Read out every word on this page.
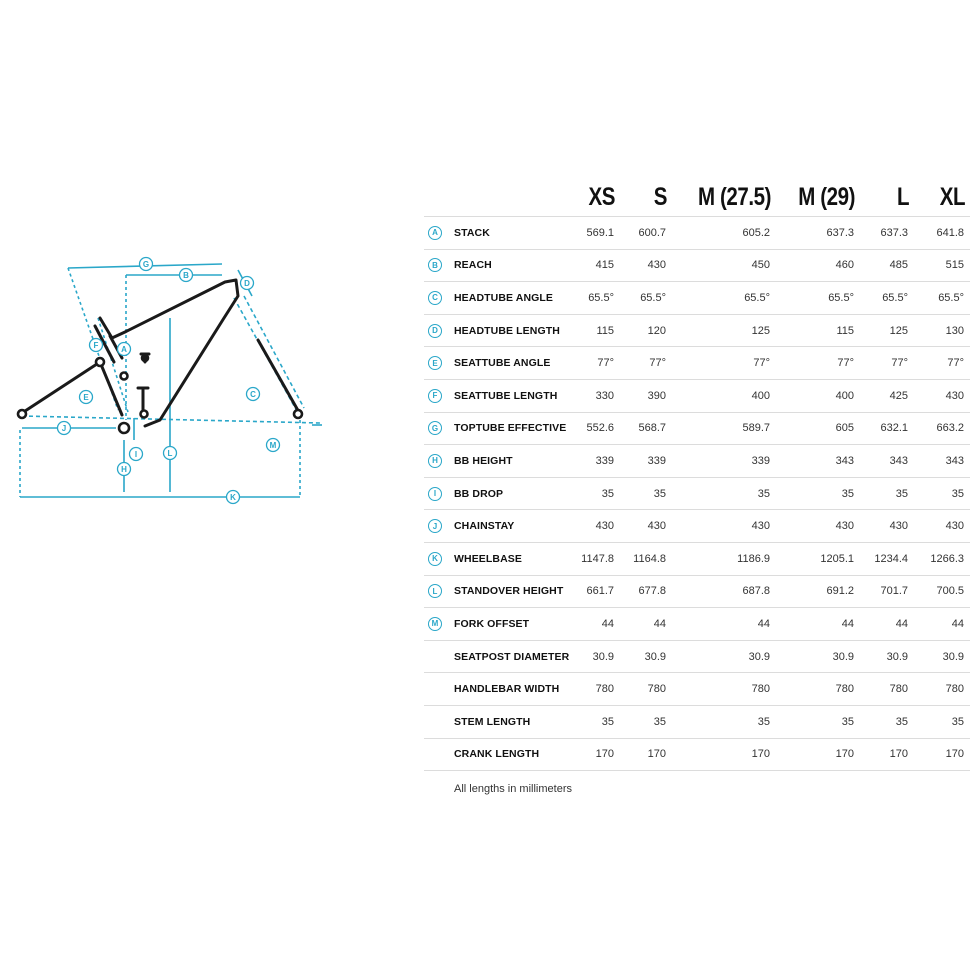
G
B
D
F	A
E	C
J
M
I	L
H
K
		XS	S	M (27.5)	M (29)	L	XL
A	STACK	569.1	600.7	605.2	637.3	637.3	641.8
B	REACH	415	430	450	460	485	515
C	HEADTUBE ANGLE	65.5°	65.5°	65.5°	65.5°	65.5°	65.5°
D	HEADTUBE LENGTH	115	120	125	115	125	130
E	SEATTUBE ANGLE	77°	77°	77°	77°	77°	77°
F	SEATTUBE LENGTH	330	390	400	400	425	430
G	TOPTUBE EFFECTIVE	552.6	568.7	589.7	605	632.1	663.2
H	BB HEIGHT	339	339	339	343	343	343
I	BB DROP	35	35	35	35	35	35
J	CHAINSTAY	430	430	430	430	430	430
K	WHEELBASE	1147.8	1164.8	1186.9	1205.1	1234.4	1266.3
L	STANDOVER HEIGHT	661.7	677.8	687.8	691.2	701.7	700.5
M	FORK OFFSET	44	44	44	44	44	44
	SEATPOST DIAMETER	30.9	30.9	30.9	30.9	30.9	30.9
	HANDLEBAR WIDTH	780	780	780	780	780	780
	STEM LENGTH	35	35	35	35	35	35
	CRANK LENGTH	170	170	170	170	170	170
All lengths in millimeters
